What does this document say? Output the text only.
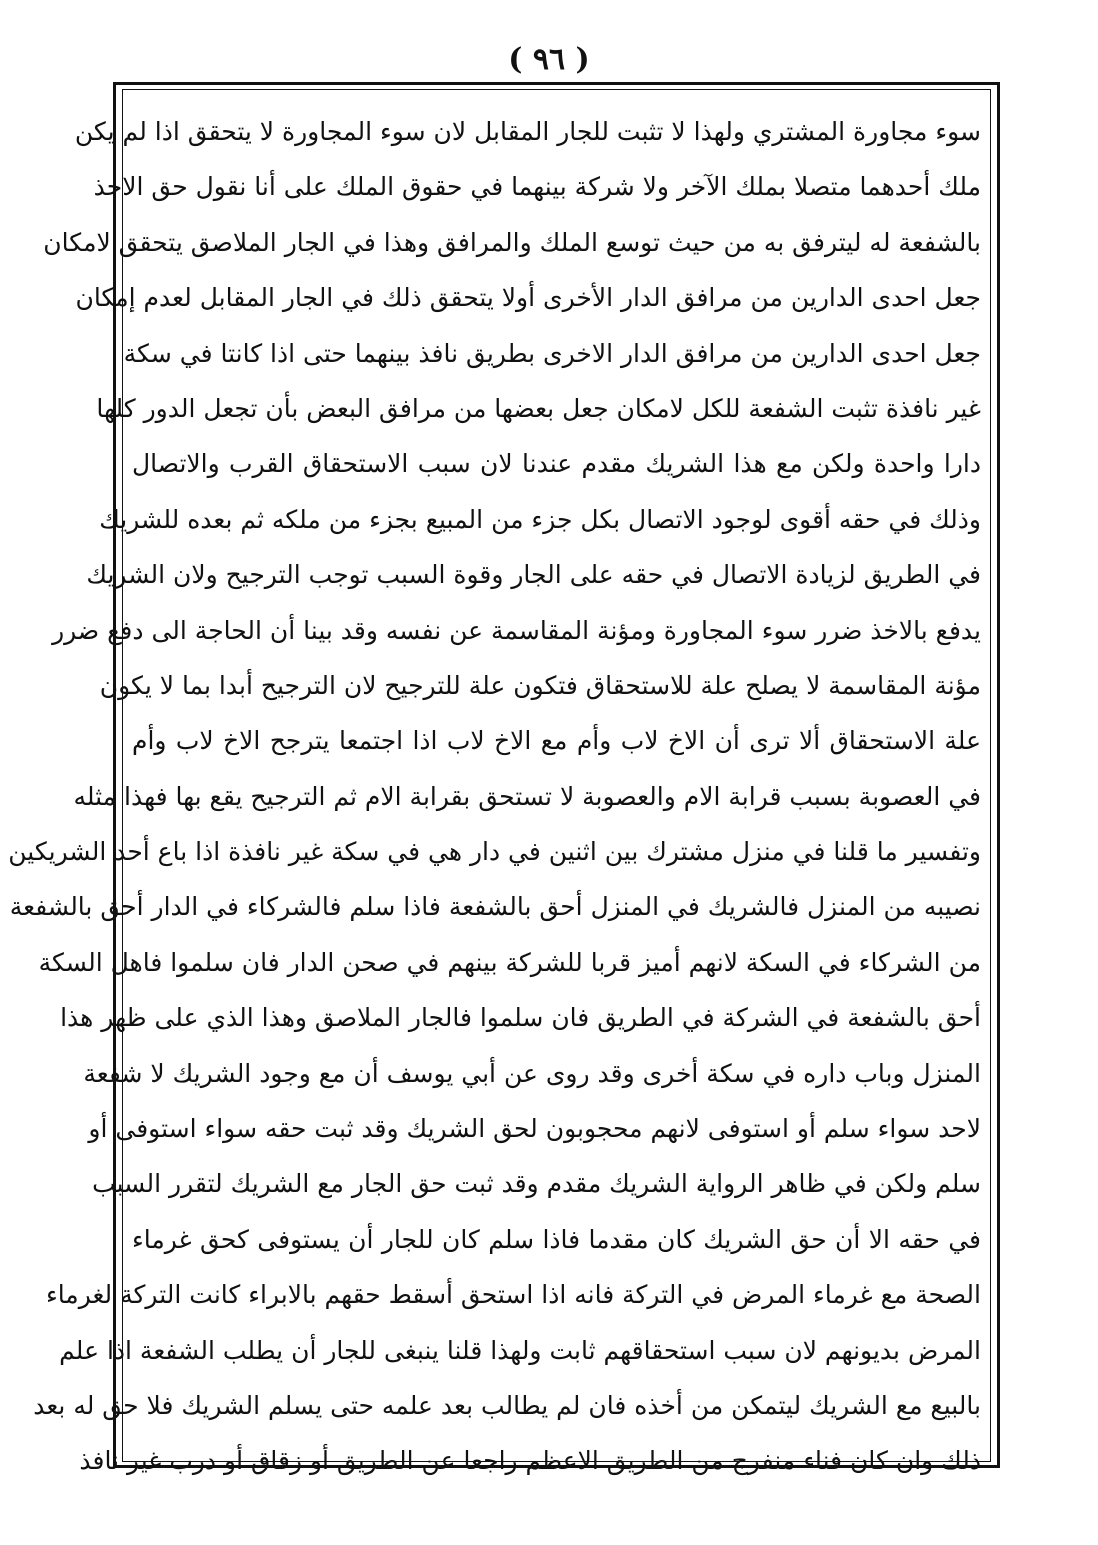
( ٩٦ )
سوء مجاورة المشتري ولهذا لا تثبت للجار المقابل لان سوء المجاورة لا يتحقق اذا لم يكن
ملك أحدهما متصلا بملك الآخر ولا شركة بينهما في حقوق الملك على أنا نقول حق الاخذ
بالشفعة له ليترفق به من حيث توسع الملك والمرافق وهذا في الجار الملاصق يتحقق لامكان
جعل احدى الدارين من مرافق الدار الأخرى أولا يتحقق ذلك في الجار المقابل لعدم إمكان
جعل احدى الدارين من مرافق الدار الاخرى بطريق نافذ بينهما حتى اذا كانتا في سكة
غير نافذة تثبت الشفعة للكل لامكان جعل بعضها من مرافق البعض بأن تجعل الدور كلها
دارا واحدة ولكن مع هذا الشريك مقدم عندنا لان سبب الاستحقاق القرب والاتصال
وذلك في حقه أقوى لوجود الاتصال بكل جزء من المبيع بجزء من ملكه ثم بعده للشريك
في الطريق لزيادة الاتصال في حقه على الجار وقوة السبب توجب الترجيح ولان الشريك
يدفع بالاخذ ضرر سوء المجاورة ومؤنة المقاسمة عن نفسه وقد بينا أن الحاجة الى دفع ضرر
مؤنة المقاسمة لا يصلح علة للاستحقاق فتكون علة للترجيح لان الترجيح أبدا بما لا يكون
علة الاستحقاق ألا ترى أن الاخ لاب وأم مع الاخ لاب اذا اجتمعا يترجح الاخ لاب وأم
في العصوبة بسبب قرابة الام والعصوبة لا تستحق بقرابة الام ثم الترجيح يقع بها فهذا مثله
وتفسير ما قلنا في منزل مشترك بين اثنين في دار هي في سكة غير نافذة اذا باع أحد الشريكين
نصيبه من المنزل فالشريك في المنزل أحق بالشفعة فاذا سلم فالشركاء في الدار أحق بالشفعة
من الشركاء في السكة لانهم أميز قربا للشركة بينهم في صحن الدار فان سلموا فاهل السكة
أحق بالشفعة في الشركة في الطريق فان سلموا فالجار الملاصق وهذا الذي على ظهر هذا
المنزل وباب داره في سكة أخرى وقد روى عن أبي يوسف أن مع وجود الشريك لا شفعة
لاحد سواء سلم أو استوفى لانهم محجوبون لحق الشريك وقد ثبت حقه سواء استوفى أو
سلم ولكن في ظاهر الرواية الشريك مقدم وقد ثبت حق الجار مع الشريك لتقرر السبب
في حقه الا أن حق الشريك كان مقدما فاذا سلم كان للجار أن يستوفى كحق غرماء
الصحة مع غرماء المرض في التركة فانه اذا استحق أسقط حقهم بالابراء كانت التركة لغرماء
المرض بديونهم لان سبب استحقاقهم ثابت ولهذا قلنا ينبغى للجار أن يطلب الشفعة اذا علم
بالبيع مع الشريك ليتمكن من أخذه فان لم يطالب بعد علمه حتى يسلم الشريك فلا حق له بعد
ذلك وان كان فناء منفرج من الطريق الاعظم راجعا عن الطريق أو زقاق أو درب غير نافذ
